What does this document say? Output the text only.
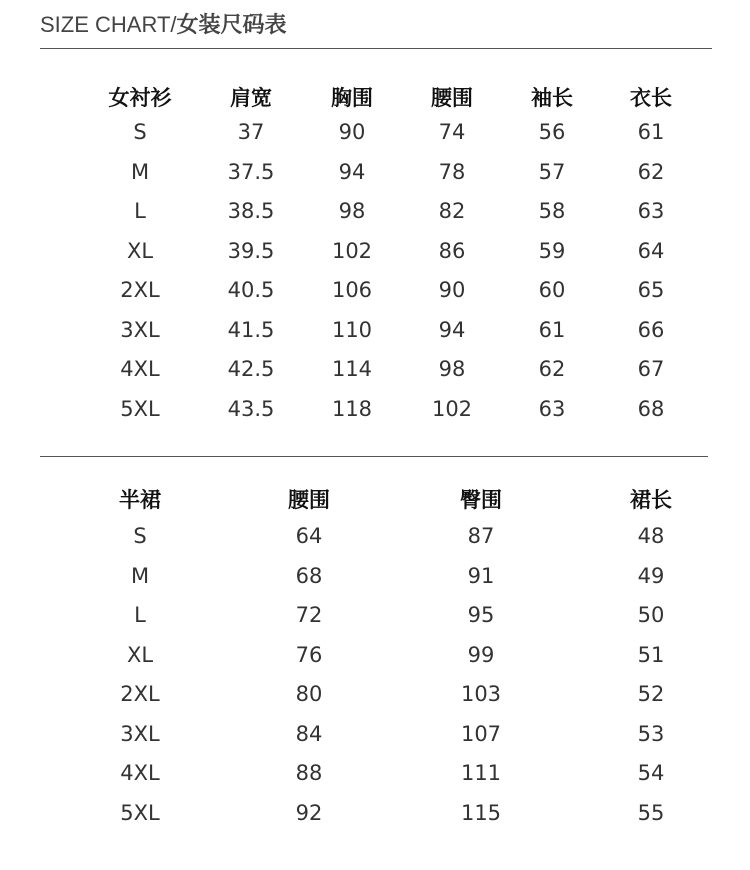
SIZE CHART/女装尺码表
女衬衫	肩宽	胸围	腰围	袖长	衣长
S	37	90	74	56	61
M	37.5	94	78	57	62
L	38.5	98	82	58	63
XL	39.5	102	86	59	64
2XL	40.5	106	90	60	65
3XL	41.5	110	94	61	66
4XL	42.5	114	98	62	67
5XL	43.5	118	102	63	68
半裙	腰围	臀围	裙长
S	64	87	48
M	68	91	49
L	72	95	50
XL	76	99	51
2XL	80	103	52
3XL	84	107	53
4XL	88	111	54
5XL	92	115	55
